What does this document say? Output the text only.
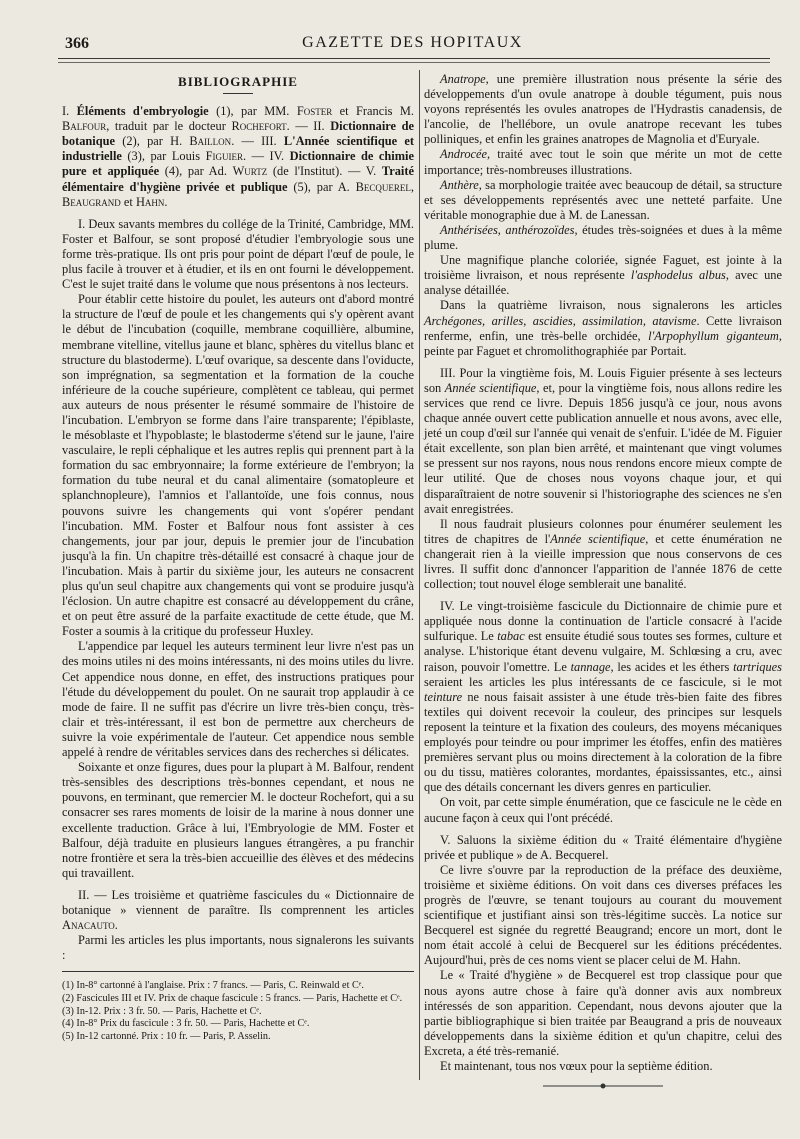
366	GAZETTE DES HOPITAUX
BIBLIOGRAPHIE

I. Éléments d'embryologie (1), par MM. Foster et Francis M. Balfour, traduit par le docteur Rochefort. — II. Dictionnaire de botanique (2), par H. Baillon. — III. L'Année scientifique et industrielle (3), par Louis Figuier. — IV. Dictionnaire de chimie pure et appliquée (4), par Ad. Wurtz (de l'Institut). — V. Traité élémentaire d'hygiène privée et publique (5), par A. Becquerel, Beaugrand et Hahn.

I. Deux savants membres du collége de la Trinité, Cambridge, MM. Foster et Balfour, se sont proposé d'étudier l'embryologie sous une forme très-pratique. Ils ont pris pour point de départ l'œuf de poule, le plus facile à trouver et à étudier, et ils en ont fourni le développement. C'est le sujet traité dans le volume que nous présentons à nos lecteurs.

Pour établir cette histoire du poulet, les auteurs ont d'abord montré la structure de l'œuf de poule et les changements qui s'y opèrent avant le début de l'incubation (coquille, membrane coquillière, albumine, membrane vitelline, vitellus jaune et blanc, sphères du vitellus blanc et structure du blastoderme). L'œuf ovarique, sa descente dans l'oviducte, son imprégnation, sa segmentation et la formation de la couche inférieure de la couche supérieure, complètent ce tableau, qui permet aux auteurs de nous présenter le résumé sommaire de l'histoire de l'incubation. L'embryon se forme dans l'aire transparente; l'épiblaste, le mésoblaste et l'hypoblaste; le blastoderme s'étend sur le jaune, l'aire vasculaire, le repli céphalique et les autres replis qui prennent part à la formation du sac embryonnaire; la forme extérieure de l'embryon; la formation du tube neural et du canal alimentaire (somatopleure et splanchnopleure), l'amnios et l'allantoïde, une fois connus, nous pouvons suivre les changements qui vont s'opérer pendant l'incubation. MM. Foster et Balfour nous font assister à ces changements, jour par jour, depuis le premier jour de l'incubation jusqu'à la fin. Un chapitre très-détaillé est consacré à chaque jour de l'incubation. Mais à partir du sixième jour, les auteurs ne consacrent plus qu'un seul chapitre aux changements qui vont se produire jusqu'à l'éclosion. Un autre chapitre est consacré au développement du crâne, et on peut être assuré de la parfaite exactitude de cette étude, que M. Foster a soumis à la critique du professeur Huxley.

L'appendice par lequel les auteurs terminent leur livre n'est pas un des moins utiles ni des moins intéressants, ni des moins utiles du livre. Cet appendice nous donne, en effet, des instructions pratiques pour l'étude du développement du poulet. On ne saurait trop applaudir à ce mode de faire. Il ne suffit pas d'écrire un livre très-bien conçu, très-clair et très-intéressant, il est bon de permettre aux chercheurs de suivre la voie expérimentale de l'auteur. Cet appendice nous semble appelé à rendre de véritables services dans des recherches si délicates.

Soixante et onze figures, dues pour la plupart à M. Balfour, rendent très-sensibles des descriptions très-bonnes cependant, et nous ne pouvons, en terminant, que remercier M. le docteur Rochefort, qui a su consacrer ses rares moments de loisir de la marine à nous donner une excellente traduction. Grâce à lui, l'Embryologie de MM. Foster et Balfour, déjà traduite en plusieurs langues étrangères, a pu franchir notre frontière et sera la très-bien accueillie des élèves et des médecins qui travaillent.

II. — Les troisième et quatrième fascicules du « Dictionnaire de botanique » viennent de paraître. Ils comprennent les articles Anacauto.

Parmi les articles les plus importants, nous signalerons les suivants :

(1) In-8° cartonné à l'anglaise. Prix : 7 francs. — Paris, C. Reinwald et Cᵉ.
(2) Fascicules III et IV. Prix de chaque fascicule : 5 francs. — Paris, Hachette et Cᵉ.
(3) In-12. Prix : 3 fr. 50. — Paris, Hachette et Cᵉ.
(4) In-8° Prix du fascicule : 3 fr. 50. — Paris, Hachette et Cᵉ.
(5) In-12 cartonné. Prix : 10 fr. — Paris, P. Asselin.

Anatrope, une première illustration nous présente la série des développements d'un ovule anatrope à double tégument, puis nous voyons représentés les ovules anatropes de l'Hydrastis canadensis, de l'ancolie, de l'hellébore, un ovule anatrope recevant les tubes polliniques, et enfin les graines anatropes de Magnolia et d'Euryale.

Androcée, traité avec tout le soin que mérite un mot de cette importance; très-nombreuses illustrations.

Anthère, sa morphologie traitée avec beaucoup de détail, sa structure et ses développements représentés avec une netteté parfaite. Une véritable monographie due à M. de Lanessan.

Anthérisées, anthérozoïdes, études très-soignées et dues à la même plume.

Une magnifique planche coloriée, signée Faguet, est jointe à la troisième livraison, et nous représente l'asphodelus albus, avec une analyse détaillée.

Dans la quatrième livraison, nous signalerons les articles Archégones, arilles, ascidies, assimilation, atavisme. Cette livraison renferme, enfin, une très-belle orchidée, l'Arpophyllum giganteum, peinte par Faguet et chromolithographiée par Portait.

III. Pour la vingtième fois, M. Louis Figuier présente à ses lecteurs son Année scientifique, et, pour la vingtième fois, nous allons redire les services que rend ce livre. Depuis 1856 jusqu'à ce jour, nous avons chaque année ouvert cette publication annuelle et nous avons, avec elle, jeté un coup d'œil sur l'année qui venait de s'enfuir. L'idée de M. Figuier était excellente, son plan bien arrêté, et maintenant que vingt volumes se pressent sur nos rayons, nous nous rendons encore mieux compte de leur utilité. Que de choses nous voyons chaque jour, et qui disparaîtraient de notre souvenir si l'historiographe des sciences ne s'en avait enregistrées.

Il nous faudrait plusieurs colonnes pour énumérer seulement les titres de chapitres de l'Année scientifique, et cette énumération ne changerait rien à la vieille impression que nous conservons de ces livres. Il suffit donc d'annoncer l'apparition de l'année 1876 de cette collection; tout nouvel éloge semblerait une banalité.

IV. Le vingt-troisième fascicule du Dictionnaire de chimie pure et appliquée nous donne la continuation de l'article consacré à l'acide sulfurique. Le tabac est ensuite étudié sous toutes ses formes, culture et analyse. L'historique étant devenu vulgaire, M. Schlœsing a cru, avec raison, pouvoir l'omettre. Le tannage, les acides et les éthers tartriques seraient les articles les plus intéressants de ce fascicule, si le mot teinture ne nous faisait assister à une étude très-bien faite des fibres textiles qui doivent recevoir la couleur, des principes sur lesquels reposent la teinture et la fixation des couleurs, des moyens mécaniques employés pour teindre ou pour imprimer les étoffes, enfin des matières premières servant plus ou moins directement à la coloration de la fibre ou du tissu, matières colorantes, mordantes, épaississantes, etc., ainsi que des détails concernant les divers genres en particulier.

On voit, par cette simple énumération, que ce fascicule ne le cède en aucune façon à ceux qui l'ont précédé.

V. Saluons la sixième édition du « Traité élémentaire d'hygiène privée et publique » de A. Becquerel.

Ce livre s'ouvre par la reproduction de la préface des deuxième, troisième et sixième éditions. On voit dans ces diverses préfaces les progrès de l'œuvre, se tenant toujours au courant du mouvement scientifique et justifiant ainsi son très-légitime succès. La notice sur Becquerel est signée du regretté Beaugrand; encore un mort, dont le nom était accolé à celui de Becquerel sur les éditions précédentes. Aujourd'hui, près de ces noms vient se placer celui de M. Hahn.

Le « Traité d'hygiène » de Becquerel est trop classique pour que nous ayons autre chose à faire qu'à donner avis aux nombreux intéressés de son apparition. Cependant, nous devons ajouter que la partie bibliographique si bien traitée par Beaugrand a pris de nouveaux développements dans la sixième édition et qu'un chapitre, celui des Excreta, a été très-remanié.

Et maintenant, tous nos vœux pour la septième édition.
